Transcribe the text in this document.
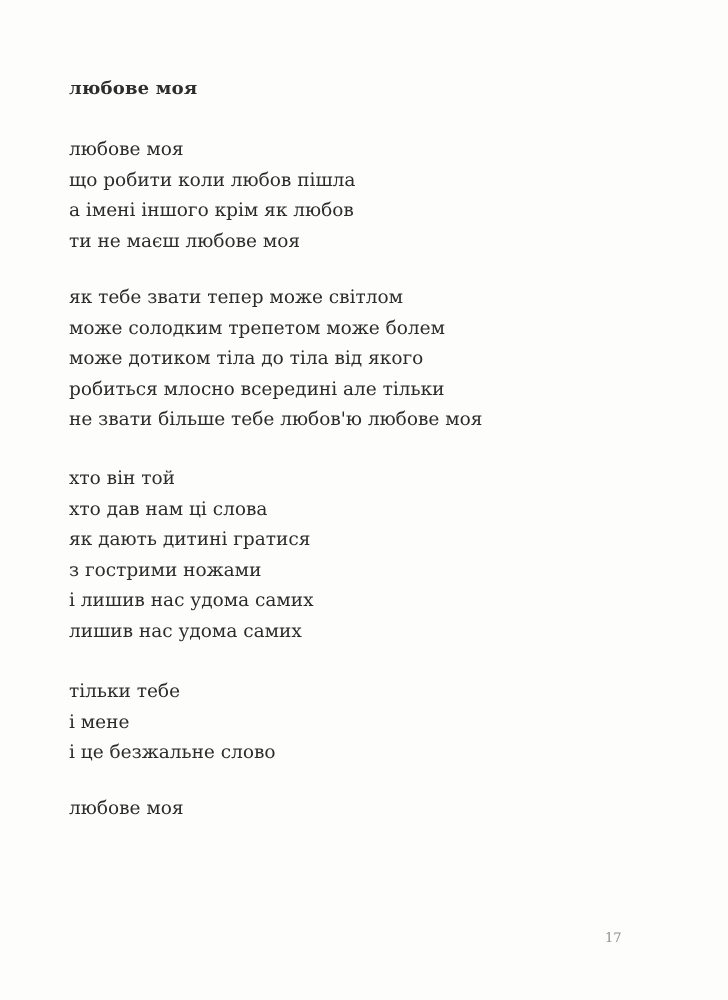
любове моя
любове моя
що робити коли любов пішла
а імені іншого крім як любов
ти не маєш любове моя
як тебе звати тепер може світлом
може солодким трепетом може болем
може дотиком тіла до тіла від якого
робиться млосно всередині але тільки
не звати більше тебе любов'ю любове моя
хто він той
хто дав нам ці слова
як дають дитині гратися
з гострими ножами
і лишив нас удома самих
лишив нас удома самих
тільки тебе
і мене
і це безжальне слово
любове моя
17
